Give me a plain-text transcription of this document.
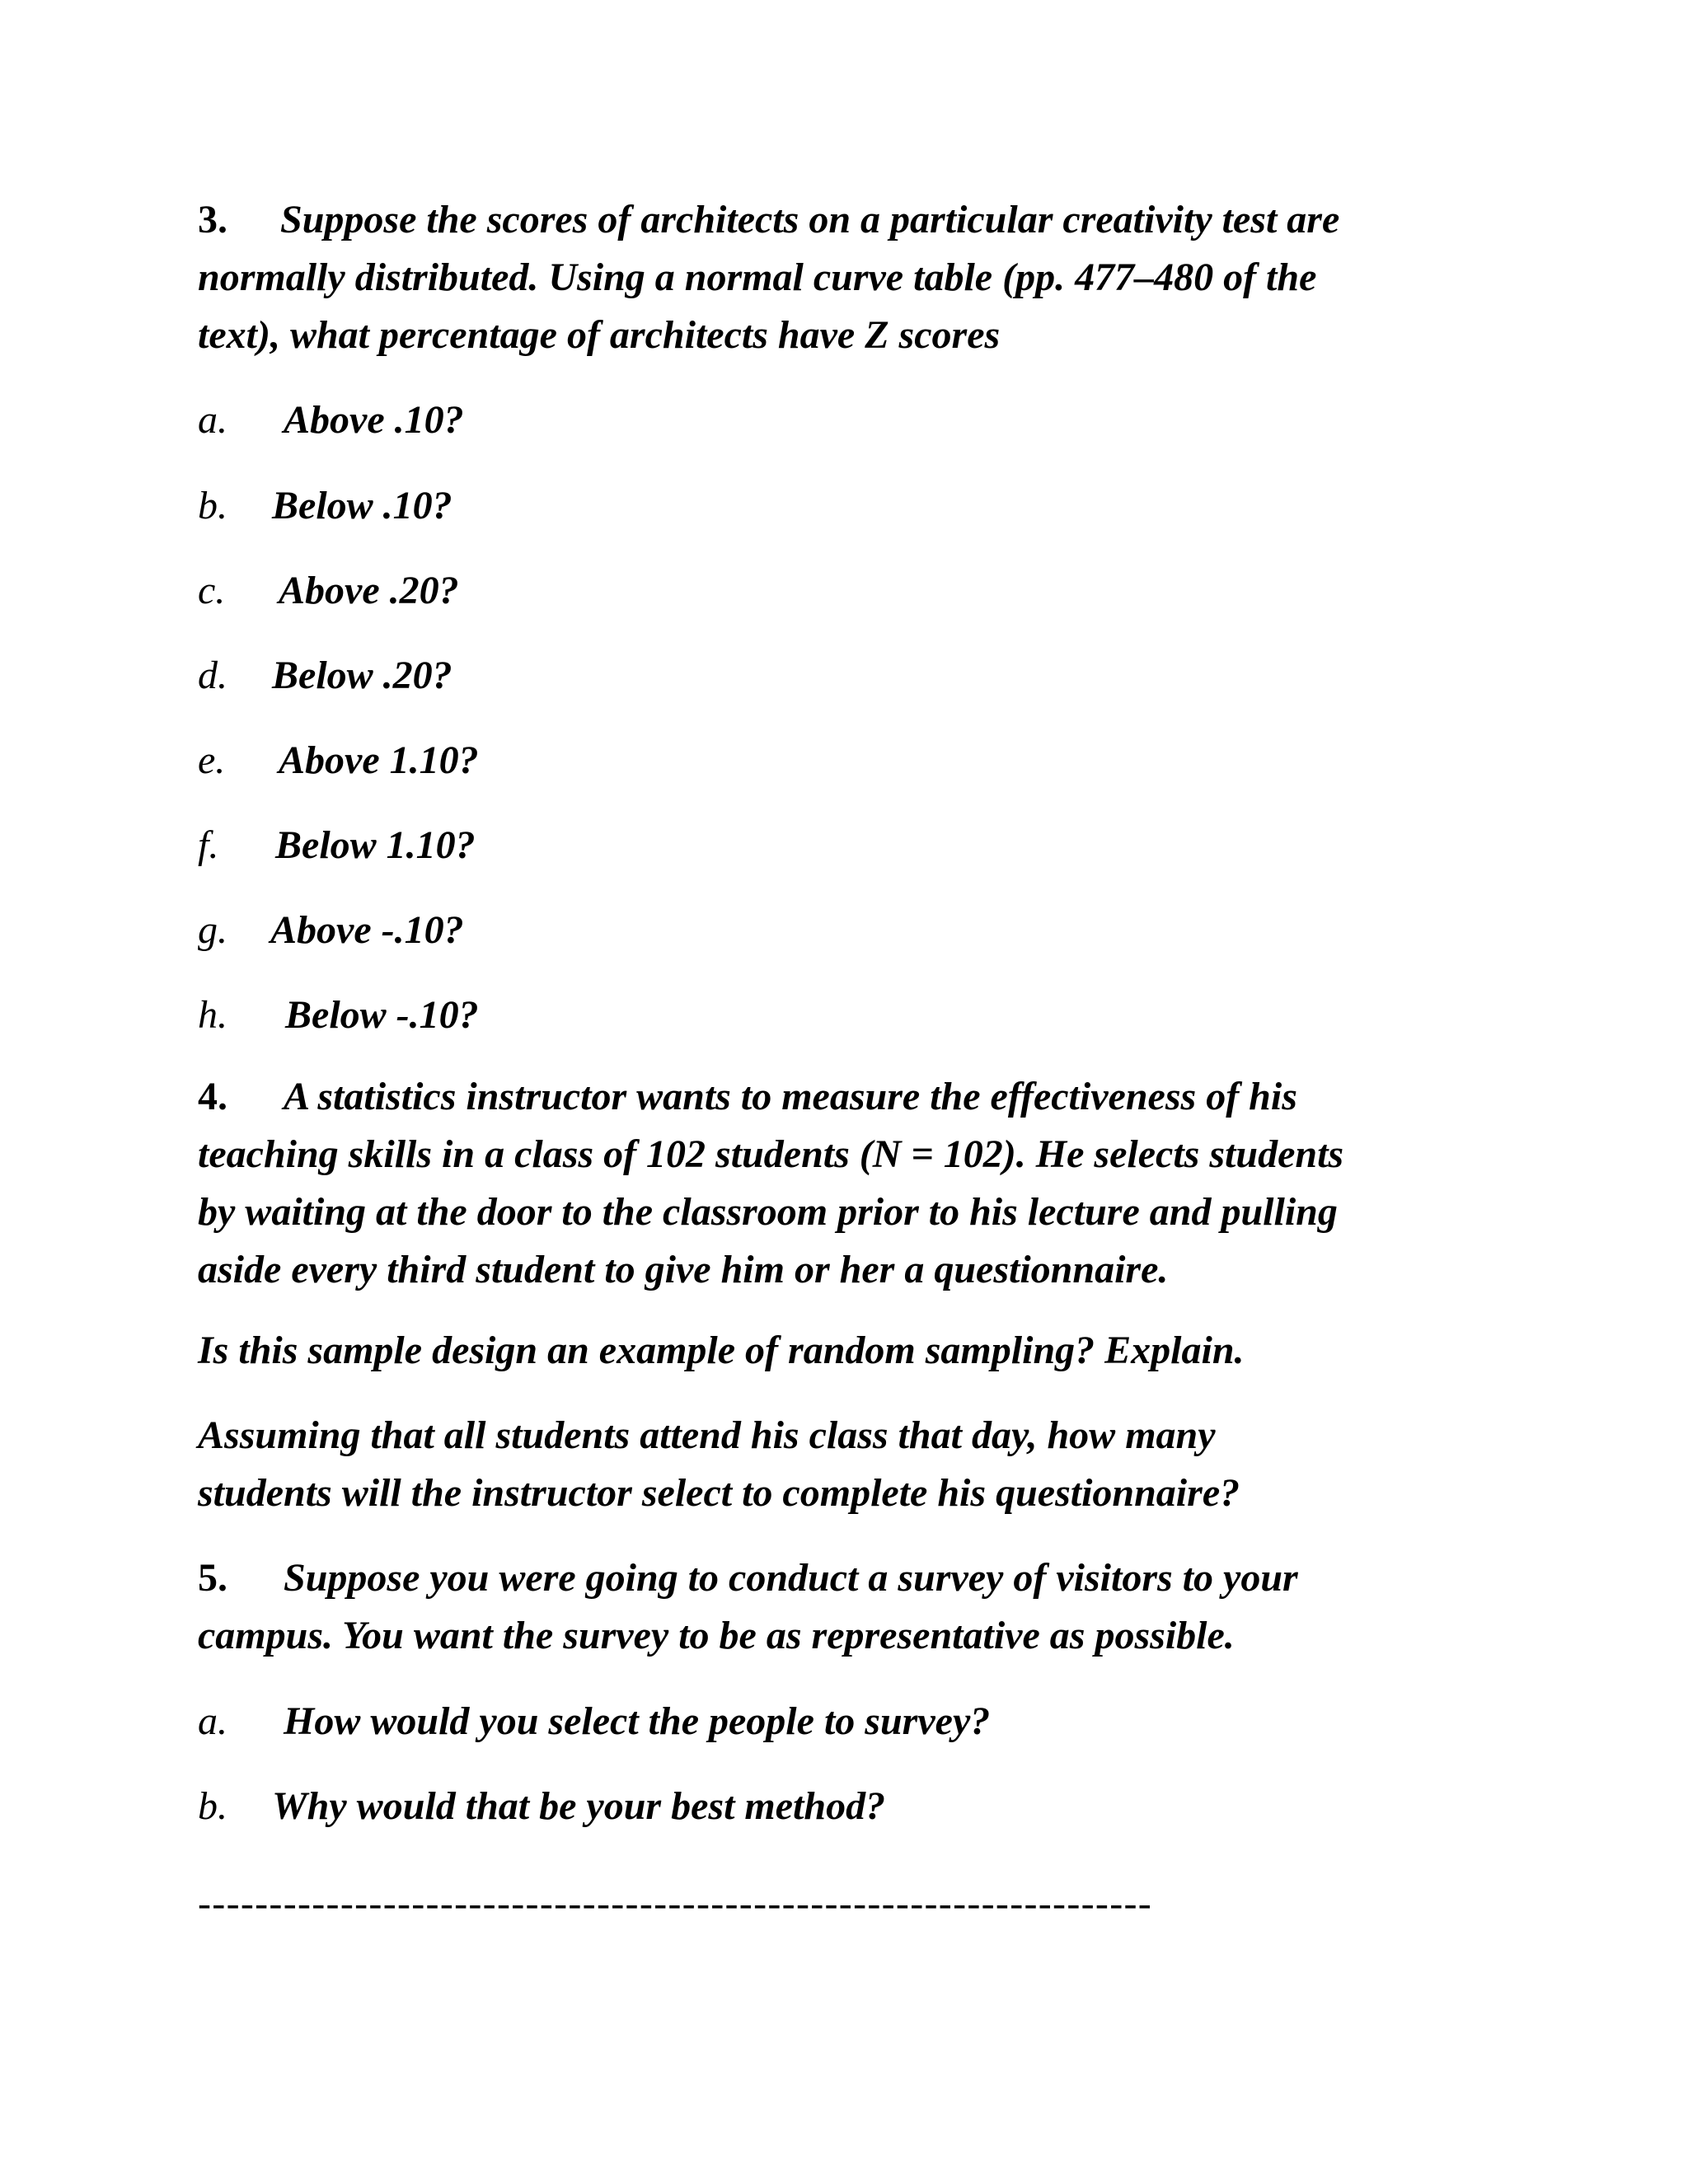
3. Suppose the scores of architects on a particular creativity test are
normally distributed. Using a normal curve table (pp. 477–480 of the
text), what percentage of architects have Z scores
a. Above .10?
b. Below .10?
c. Above .20?
d. Below .20?
e. Above 1.10?
f. Below 1.10?
g. Above -.10?
h. Below -.10?
4. A statistics instructor wants to measure the effectiveness of his
teaching skills in a class of 102 students (N = 102). He selects students
by waiting at the door to the classroom prior to his lecture and pulling
aside every third student to give him or her a questionnaire.
Is this sample design an example of random sampling? Explain.
Assuming that all students attend his class that day, how many
students will the instructor select to complete his questionnaire?
5. Suppose you were going to conduct a survey of visitors to your
campus. You want the survey to be as representative as possible.
a. How would you select the people to survey?
b. Why would that be your best method?
-------------------------------------------------------------------
